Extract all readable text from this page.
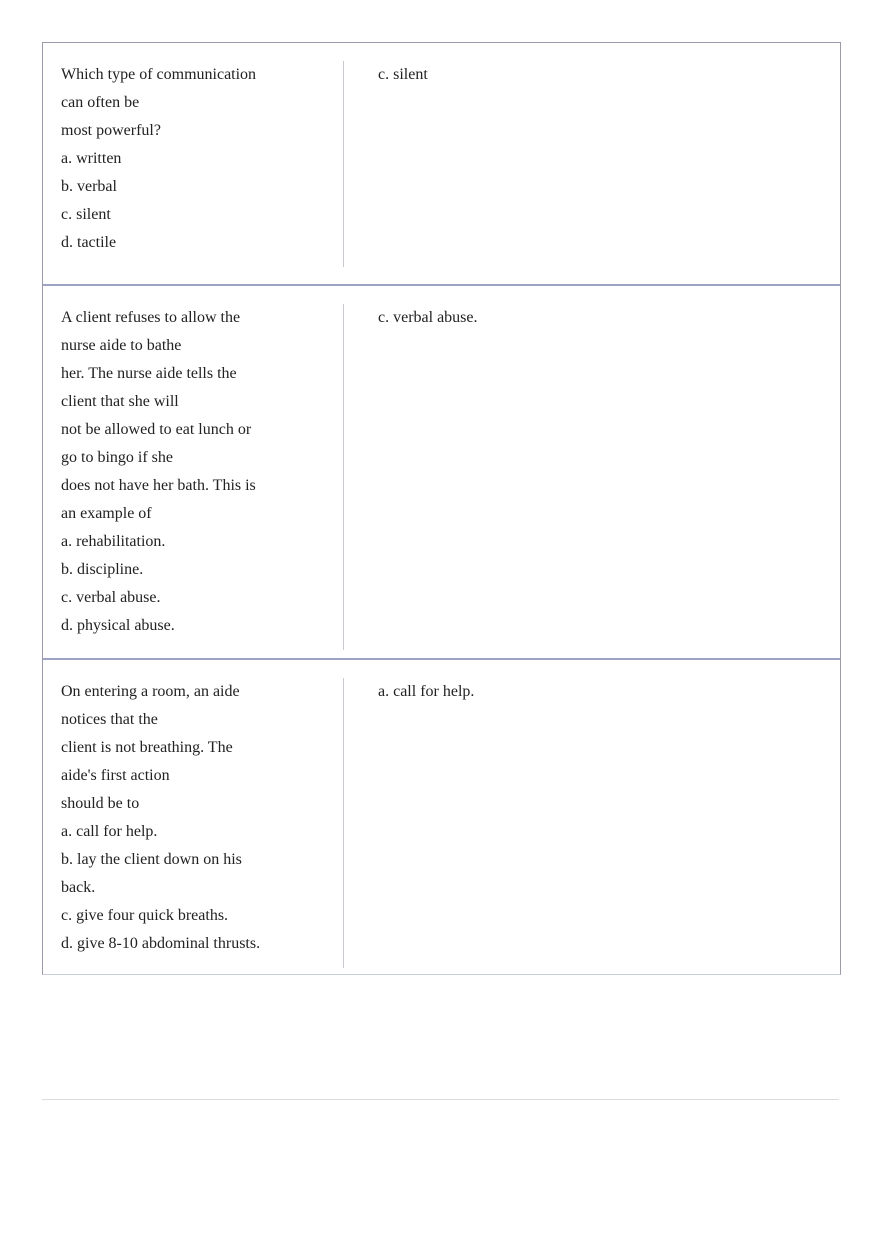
Which type of communication
can often be
most powerful?
a. written
b. verbal
c. silent
d. tactile
c. silent
A client refuses to allow the
nurse aide to bathe
her. The nurse aide tells the
client that she will
not be allowed to eat lunch or
go to bingo if she
does not have her bath. This is
an example of
a. rehabilitation.
b. discipline.
c. verbal abuse.
d. physical abuse.
c. verbal abuse.
On entering a room, an aide
notices that the
client is not breathing. The
aide's first action
should be to
a. call for help.
b. lay the client down on his
back.
c. give four quick breaths.
d. give 8-10 abdominal thrusts.
a. call for help.
